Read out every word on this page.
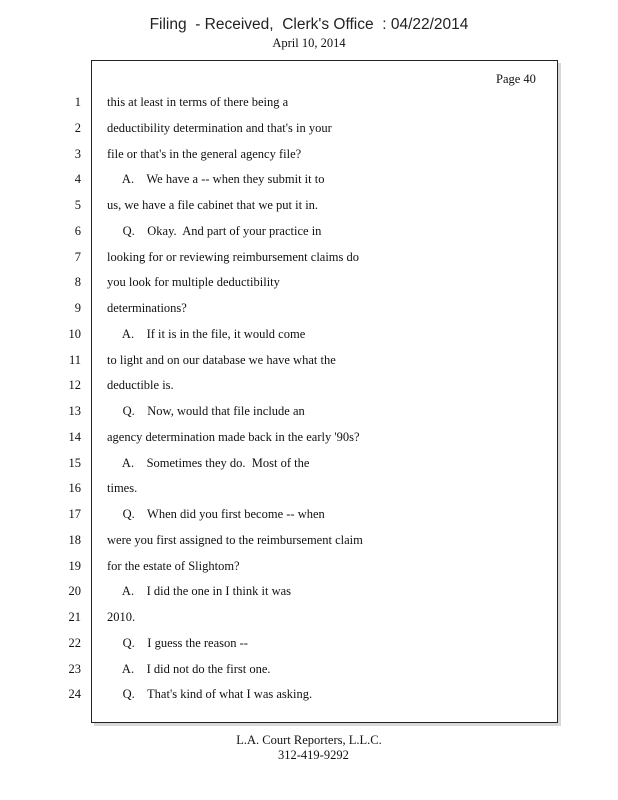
Filing  - Received,  Clerk's Office  : 04/22/2014
April 10, 2014
Page 40
1 this at least in terms of there being a
2 deductibility determination and that's in your
3 file or that's in the general agency file?
4 A.    We have a -- when they submit it to
5 us, we have a file cabinet that we put it in.
6 Q.    Okay.  And part of your practice in
7 looking for or reviewing reimbursement claims do
8 you look for multiple deductibility
9 determinations?
10 A.    If it is in the file, it would come
11 to light and on our database we have what the
12 deductible is.
13 Q.    Now, would that file include an
14 agency determination made back in the early '90s?
15 A.    Sometimes they do.  Most of the
16 times.
17 Q.    When did you first become -- when
18 were you first assigned to the reimbursement claim
19 for the estate of Slightom?
20 A.    I did the one in I think it was
21 2010.
22 Q.    I guess the reason --
23 A.    I did not do the first one.
24 Q.    That's kind of what I was asking.
L.A. Court Reporters, L.L.C.
312-419-9292
